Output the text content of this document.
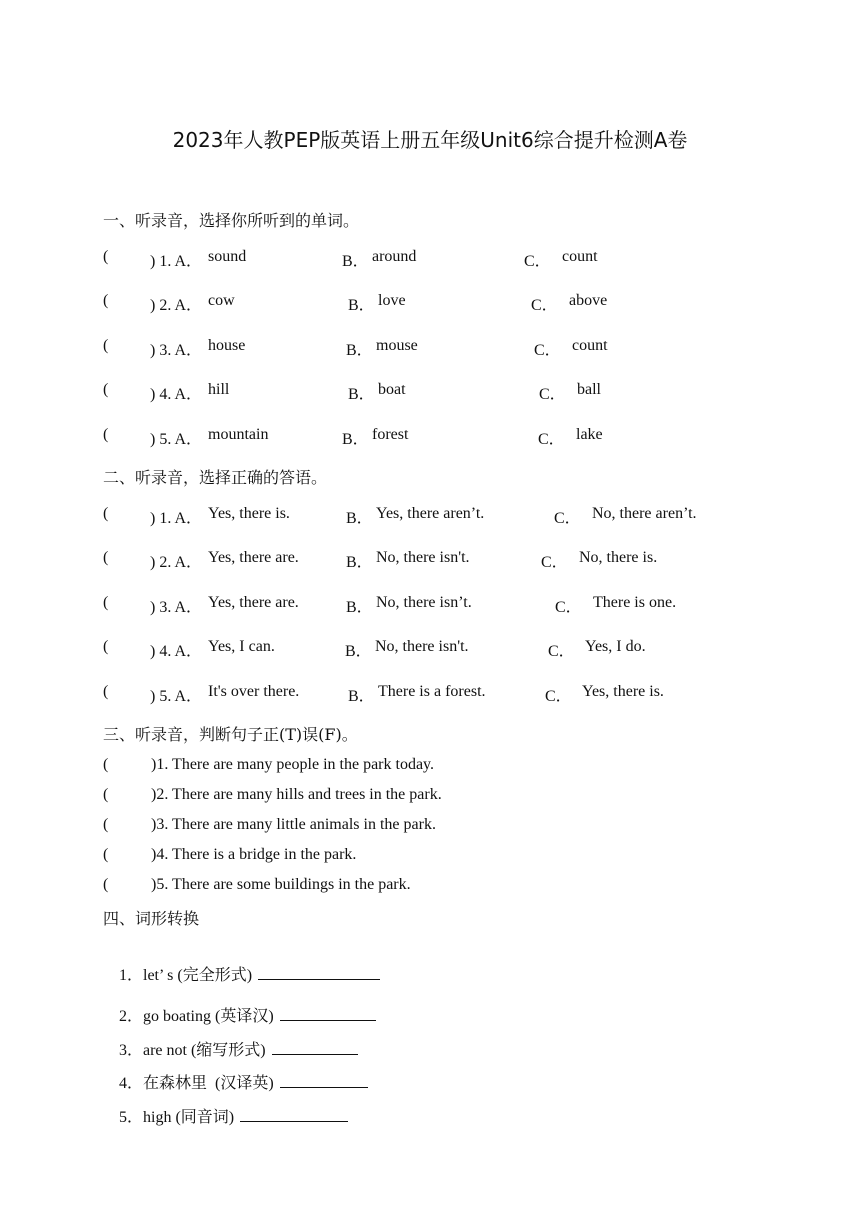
2023年人教PEP版英语上册五年级Unit6综合提升检测A卷
一、听录音，选择你所听到的单词。
(	) 1. A． sound	B． around	C． count
(	) 2. A． cow	B． love	C． above
(	) 3. A． house	B． mouse	C． count
(	) 4. A． hill	B． boat	C． ball
(	) 5. A． mountain	B． forest	C． lake
二、听录音，选择正确的答语。
(	) 1. A． Yes, there is.	B． Yes, there aren’t.	C． No, there aren’t.
(	) 2. A． Yes, there are.	B． No, there isn't.	C． No, there is.
(	) 3. A． Yes, there are.	B． No, there isn’t.	C． There is one.
(	) 4. A． Yes, I can.	B． No, there isn't.	C． Yes, I do.
(	) 5. A． It's over there.	B． There is a forest.	C． Yes, there is.
三、听录音，判断句子正(T)误(F)。
(	)1. There are many people in the park today.
(	)2. There are many hills and trees in the park.
(	)3. There are many little animals in the park.
(	)4. There is a bridge in the park.
(	)5. There are some buildings in the park.
四、词形转换

1．let’ s (完全形式)

2．go boating (英译汉)

3．are not (缩写形式)

4．在森林里  (汉译英)

5．high (同音词)
